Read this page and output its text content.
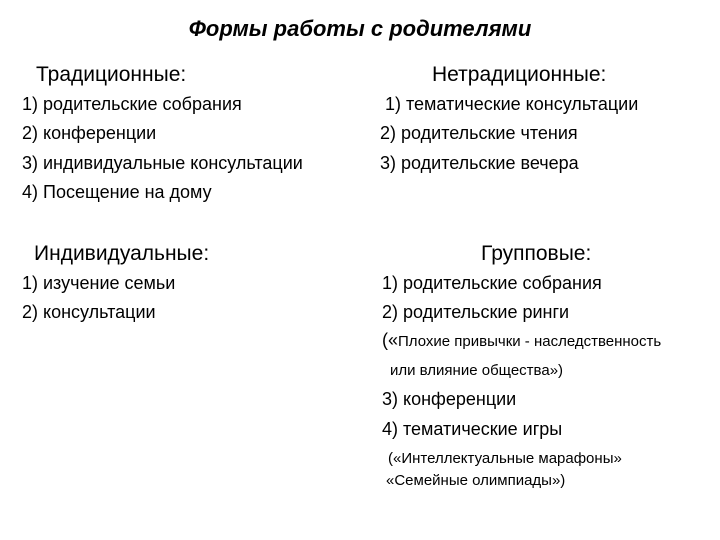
Формы работы с родителями
Традиционные:
1) родительские собрания
2) конференции
3) индивидуальные консультации
4) Посещение на дому
Нетрадиционные:
1) тематические консультации
2) родительские чтения
3) родительские вечера
Индивидуальные:
1) изучение семьи
2) консультации
Групповые:
1) родительские собрания
2) родительские ринги
(«Плохие привычки - наследственность
или влияние общества»)
3) конференции
4) тематические игры
(«Интеллектуальные марафоны»
«Семейные олимпиады»)
